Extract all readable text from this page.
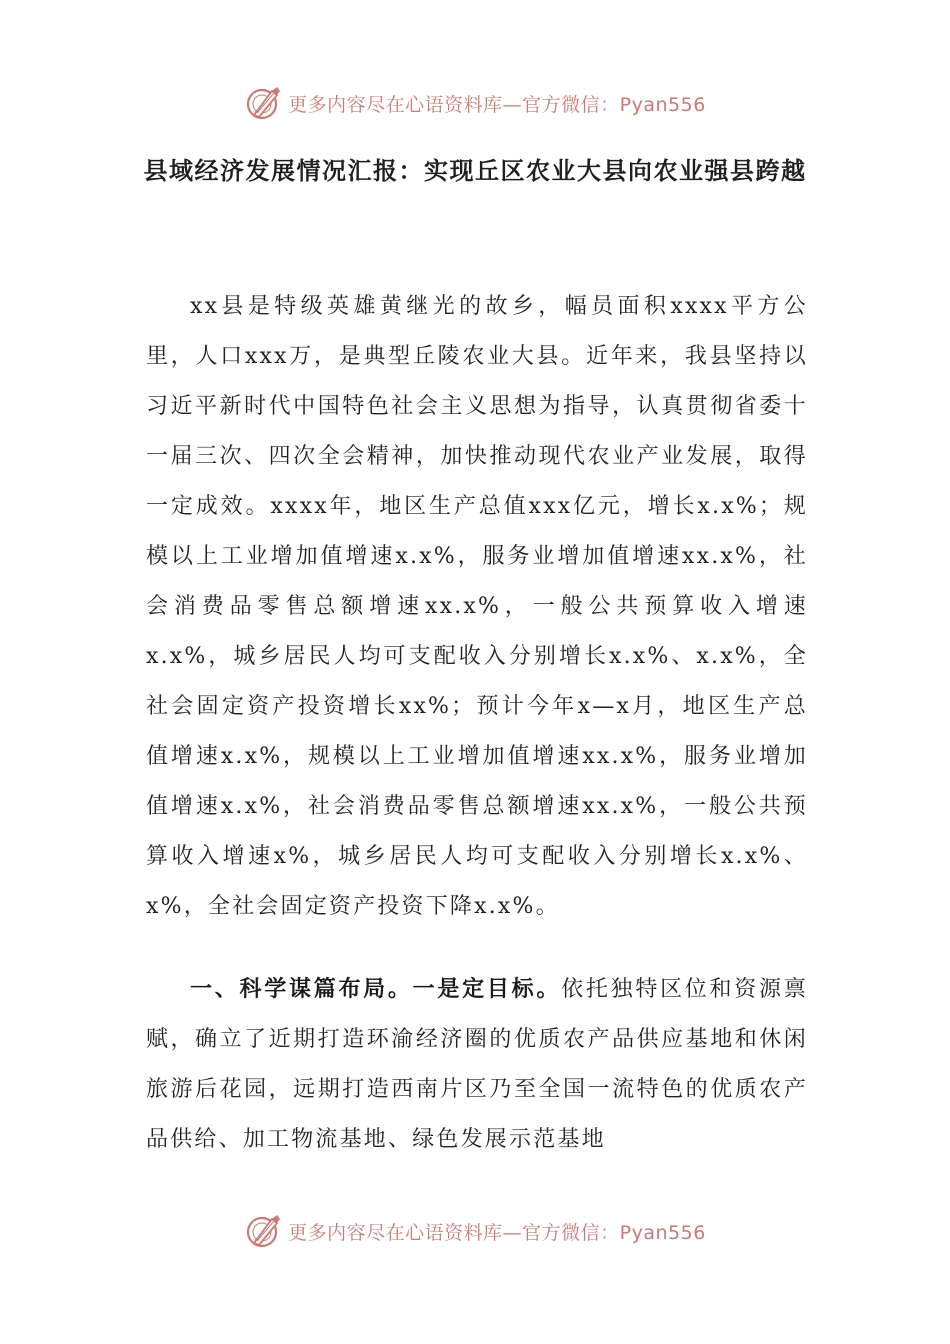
更多内容尽在心语资料库—官方微信：Pyan556
县域经济发展情况汇报：实现丘区农业大县向农业强县跨越

xx县是特级英雄黄继光的故乡，幅员面积xxxx平方公里，人口xxx万，是典型丘陵农业大县。近年来，我县坚持以习近平新时代中国特色社会主义思想为指导，认真贯彻省委十一届三次、四次全会精神，加快推动现代农业产业发展，取得一定成效。xxxx年，地区生产总值xxx亿元，增长x.x%；规模以上工业增加值增速x.x%，服务业增加值增速xx.x%，社会消费品零售总额增速xx.x%，一般公共预算收入增速x.x%，城乡居民人均可支配收入分别增长x.x%、x.x%，全社会固定资产投资增长xx%；预计今年x—x月，地区生产总值增速x.x%，规模以上工业增加值增速xx.x%，服务业增加值增速x.x%，社会消费品零售总额增速xx.x%，一般公共预算收入增速x%，城乡居民人均可支配收入分别增长x.x%、x%，全社会固定资产投资下降x.x%。

一、科学谋篇布局。一是定目标。依托独特区位和资源禀赋，确立了近期打造环渝经济圈的优质农产品供应基地和休闲旅游后花园，远期打造西南片区乃至全国一流特色的优质农产品供给、加工物流基地、绿色发展示范基地

更多内容尽在心语资料库—官方微信：Pyan556
